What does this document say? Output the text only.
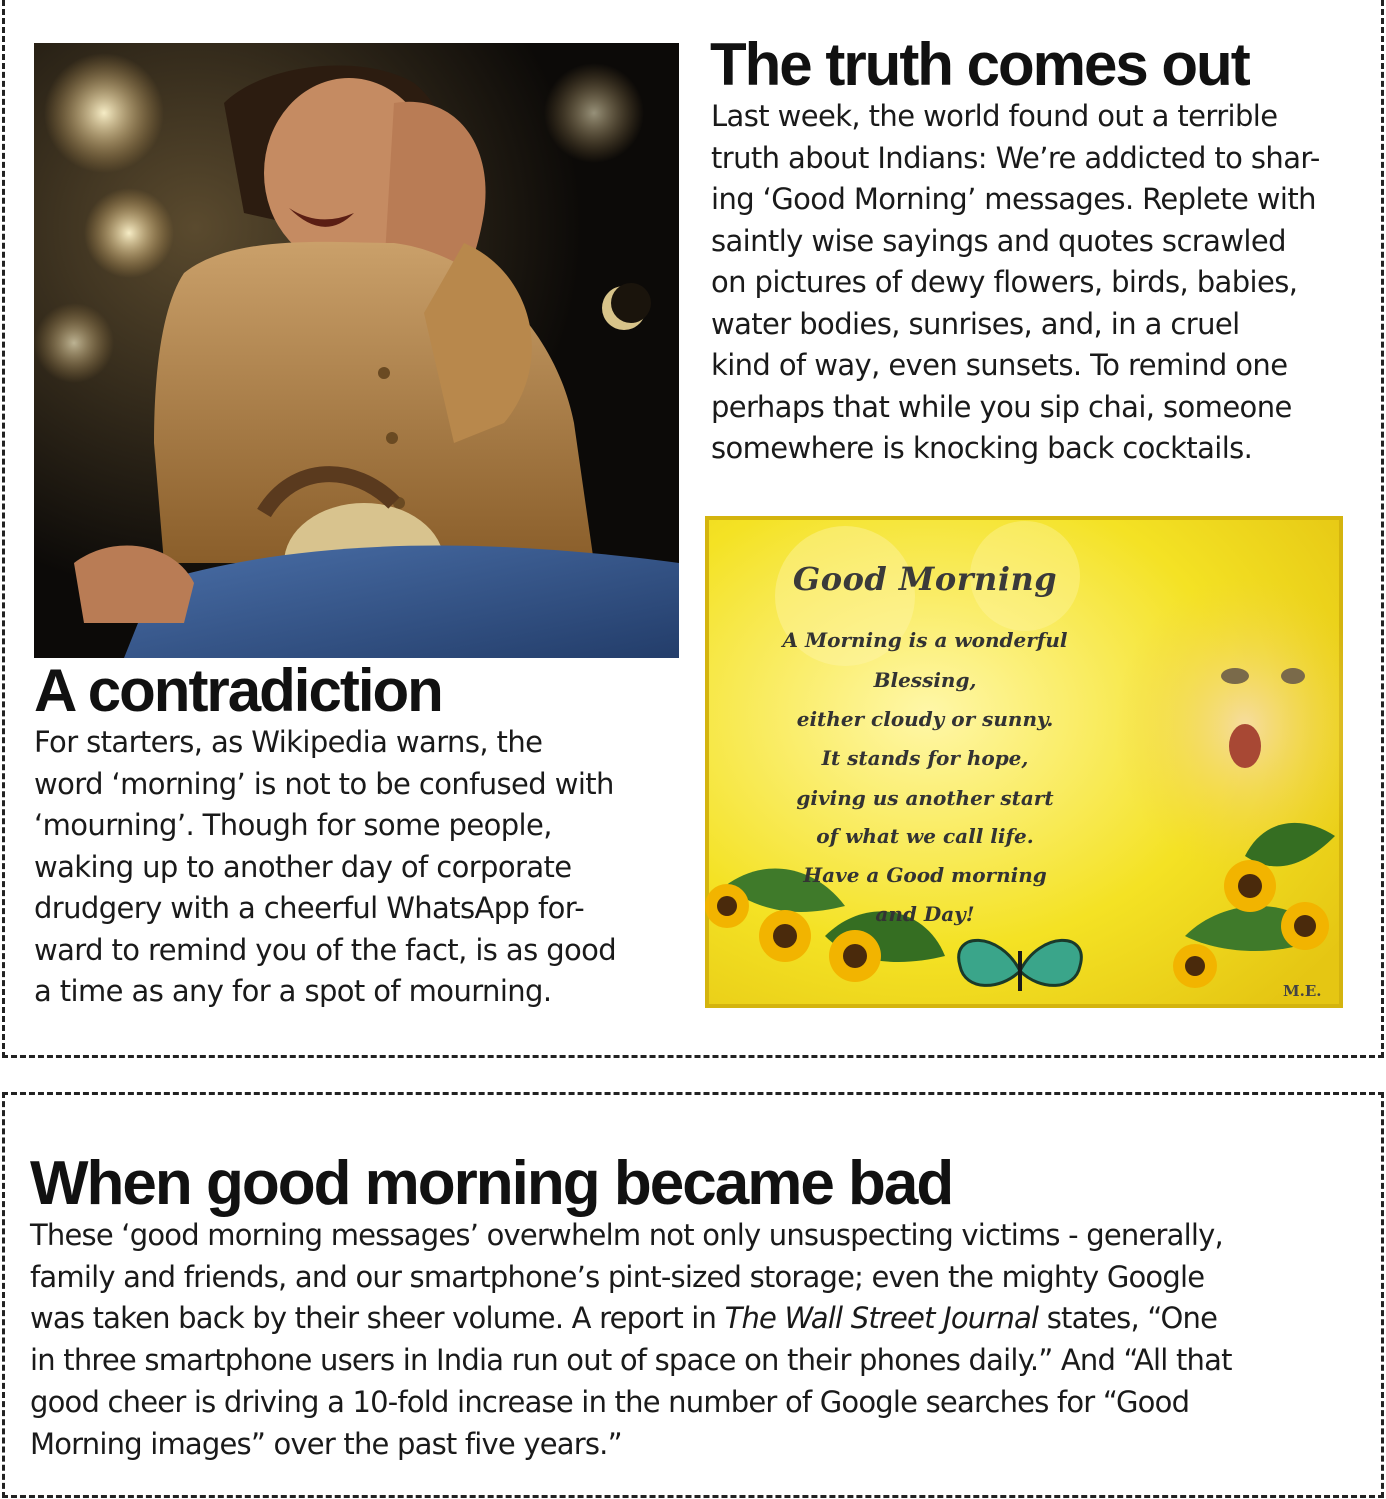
The truth comes out
Last week, the world found out a terrible
truth about Indians: We’re addicted to shar-
ing ‘Good Morning’ messages. Replete with
saintly wise sayings and quotes scrawled
on pictures of dewy flowers, birds, babies,
water bodies, sunrises, and, in a cruel
kind of way, even sunsets. To remind one
perhaps that while you sip chai, someone
somewhere is knocking back cocktails.
Good Morning
A Morning is a wonderful
Blessing,
either cloudy or sunny.
It stands for hope,
giving us another start
of what we call life.
Have a Good morning
and Day!
M.E.
A contradiction
For starters, as Wikipedia warns, the
word ‘morning’ is not to be confused with
‘mourning’. Though for some people,
waking up to another day of corporate
drudgery with a cheerful WhatsApp for-
ward to remind you of the fact, is as good
a time as any for a spot of mourning.
When good morning became bad
These ‘good morning messages’ overwhelm not only unsuspecting victims - generally,
family and friends, and our smartphone’s pint-sized storage; even the mighty Google
was taken back by their sheer volume. A report in The Wall Street Journal states, “One
in three smartphone users in India run out of space on their phones daily.” And “All that
good cheer is driving a 10-fold increase in the number of Google searches for “Good
Morning images” over the past five years.”
